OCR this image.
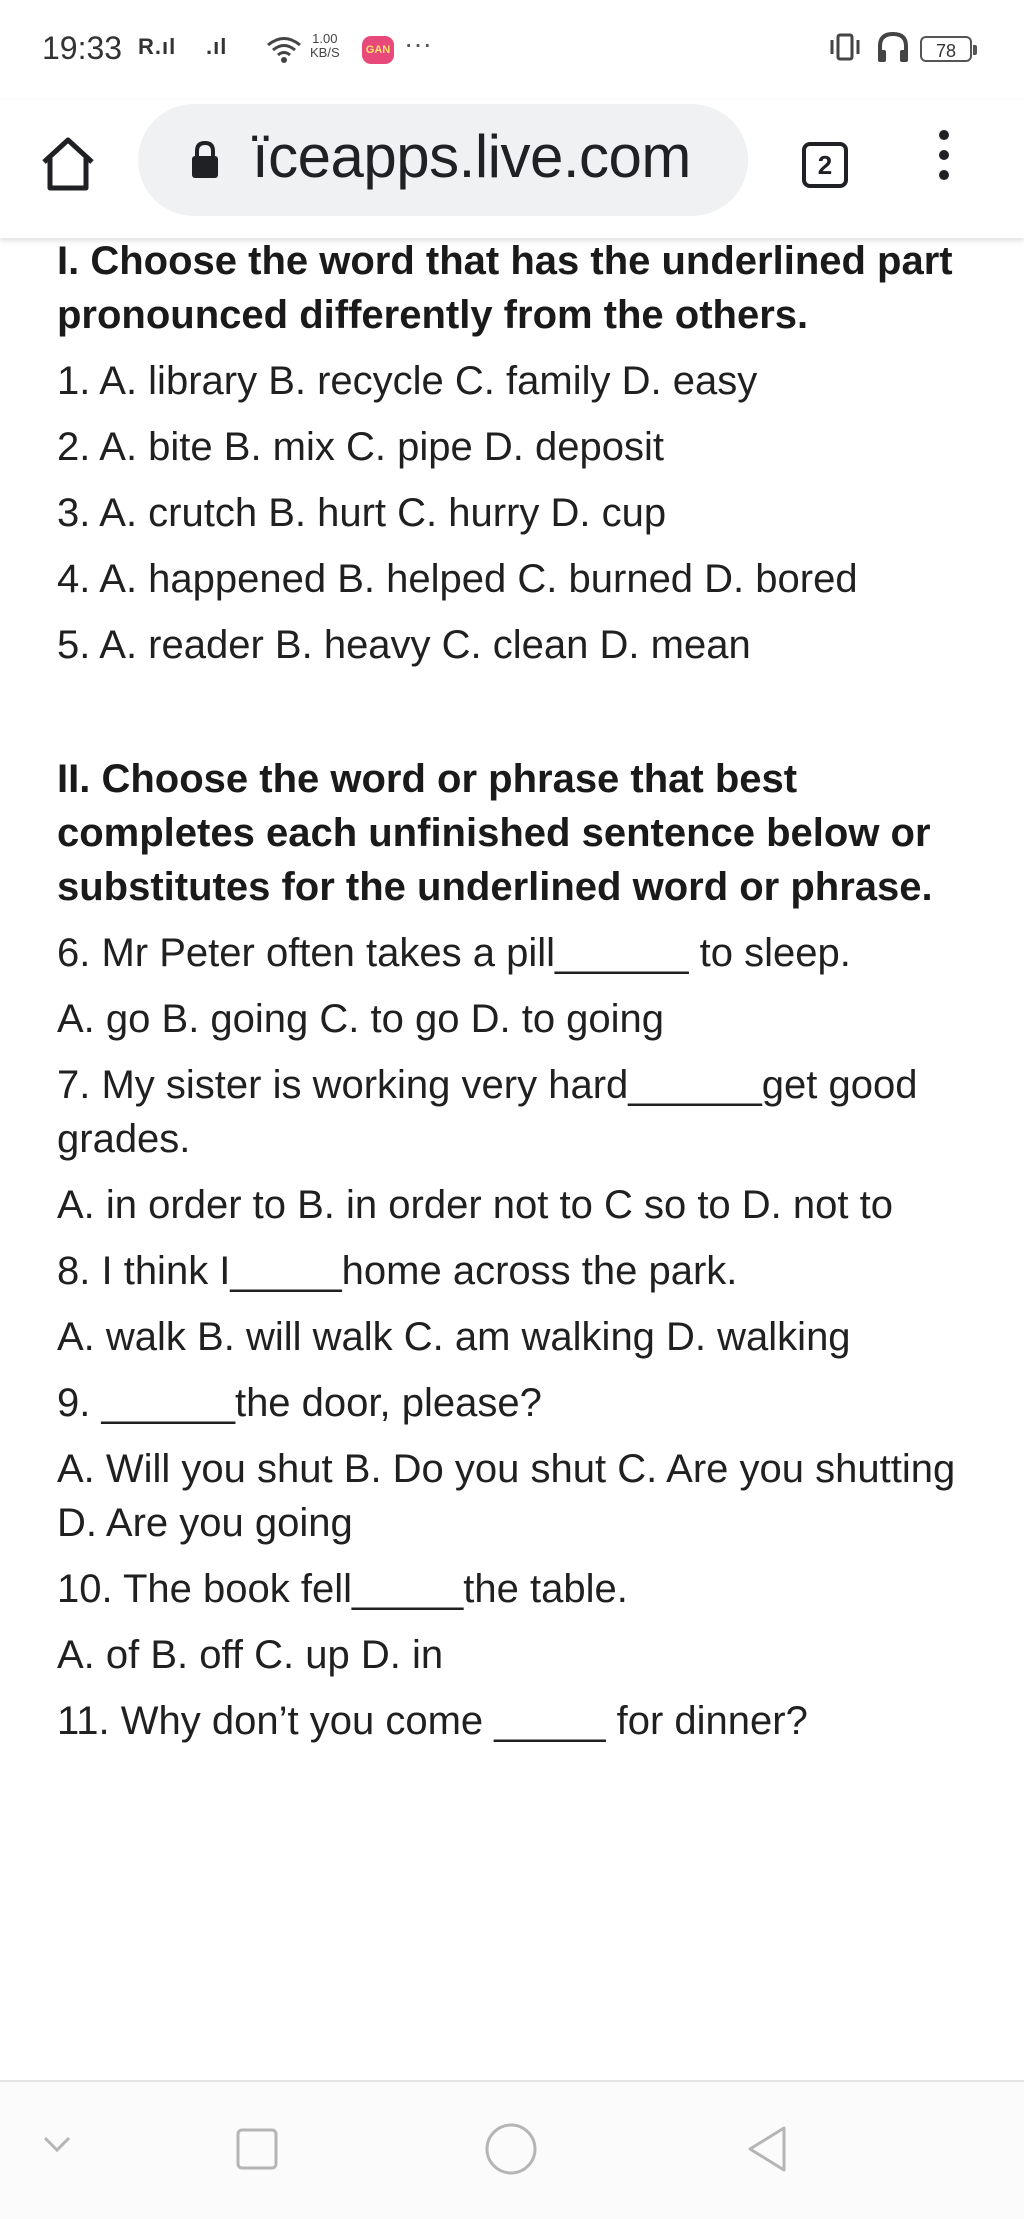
19:33 R.ıl .ıl	1.00
KB/S	GAN ···	78
ïceapps.live.com	2

I. Choose the word that has the underlined part pronounced differently from the others.

1. A. library B. recycle C. family D. easy

2. A. bite B. mix C. pipe D. deposit

3. A. crutch B. hurt C. hurry D. cup

4. A. happened B. helped C. burned D. bored

5. A. reader B. heavy C. clean D. mean

II. Choose the word or phrase that best completes each unfinished sentence below or substitutes for the underlined word or phrase.

6. Mr Peter often takes a pill______ to sleep.

A. go B. going C. to go D. to going

7. My sister is working very hard______get good grades.

A. in order to B. in order not to C so to D. not to

8. I think I_____home across the park.

A. walk B. will walk C. am walking D. walking

9. ______the door, please?

A. Will you shut B. Do you shut C. Are you shutting D. Are you going

10. The book fell_____the table.

A. of B. off C. up D. in

11. Why don’t you come _____ for dinner?
